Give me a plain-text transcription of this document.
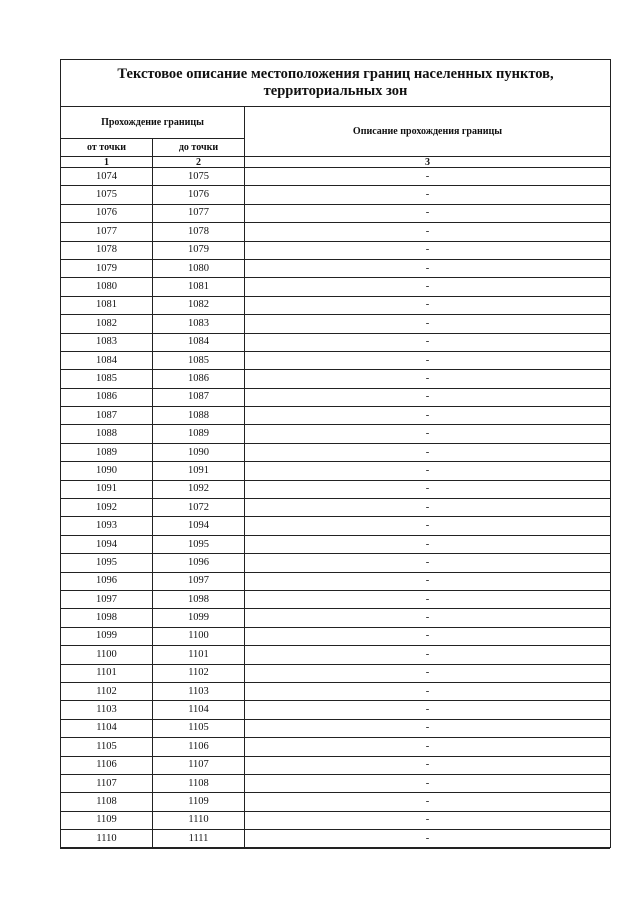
Текстовое описание местоположения границ населенных пунктов,
территориальных зон		
Прохождение границы		Описание прохождения границы
от точки	до точки	
1	2	3
1074	1075	-
1075	1076	-
1076	1077	-
1077	1078	-
1078	1079	-
1079	1080	-
1080	1081	-
1081	1082	-
1082	1083	-
1083	1084	-
1084	1085	-
1085	1086	-
1086	1087	-
1087	1088	-
1088	1089	-
1089	1090	-
1090	1091	-
1091	1092	-
1092	1072	-
1093	1094	-
1094	1095	-
1095	1096	-
1096	1097	-
1097	1098	-
1098	1099	-
1099	1100	-
1100	1101	-
1101	1102	-
1102	1103	-
1103	1104	-
1104	1105	-
1105	1106	-
1106	1107	-
1107	1108	-
1108	1109	-
1109	1110	-
1110	1111	-
